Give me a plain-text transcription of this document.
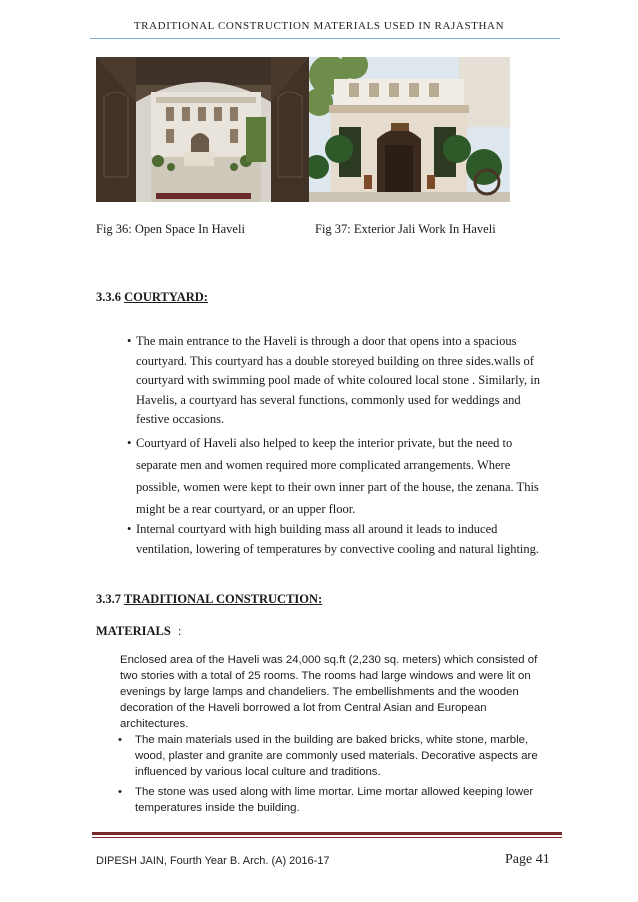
TRADITIONAL CONSTRUCTION MATERIALS USED IN RAJASTHAN
Fig 36: Open Space In Haveli	Fig 37: Exterior Jali Work In Haveli
3.3.6 COURTYARD:

• The main entrance to the Haveli is through a door that opens into a spacious
courtyard. This courtyard has a double storeyed building on three sides.walls of
courtyard with swimming pool made of white coloured local stone . Similarly, in
Havelis, a courtyard has several functions, commonly used for weddings and
festive occasions.

• Courtyard of Haveli also helped to keep the interior private, but the need to
separate men and women required more complicated arrangements. Where
possible, women were kept to their own inner part of the house, the zenana. This
might be a rear courtyard, or an upper floor.

• Internal courtyard with high building mass all around it leads to induced
ventilation, lowering of temperatures by convective cooling and natural lighting.

3.3.7 TRADITIONAL CONSTRUCTION:
MATERIALS :
Enclosed area of the Haveli was 24,000 sq.ft (2,230 sq. meters) which consisted of
two stories with a total of 25 rooms. The rooms had large windows and were lit on
evenings by large lamps and chandeliers. The embellishments and the wooden
decoration of the Haveli borrowed a lot from Central Asian and European
architectures.
• The main materials used in the building are baked bricks, white stone, marble,
wood, plaster and granite are commonly used materials. Decorative aspects are
influenced by various local culture and traditions.
• The stone was used along with lime mortar. Lime mortar allowed keeping lower
temperatures inside the building.
DIPESH JAIN, Fourth Year B. Arch. (A) 2016-17	Page 41
